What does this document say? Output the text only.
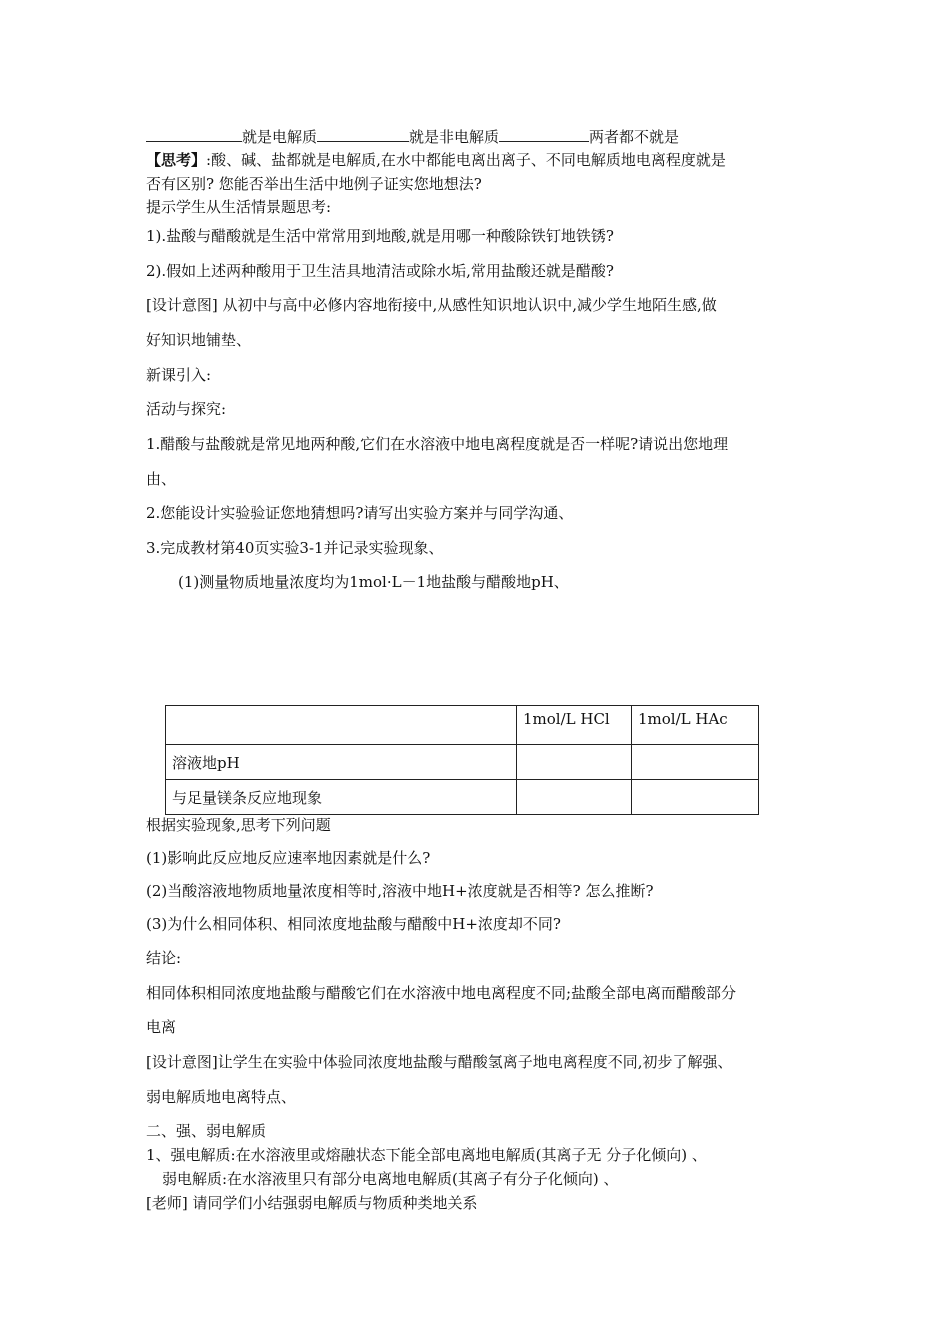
就是电解质	就是非电解质	两者都不就是
【思考】:酸、碱、盐都就是电解质,在水中都能电离出离子、不同电解质地电离程度就是
否有区别? 您能否举出生活中地例子证实您地想法?
提示学生从生活情景题思考:
1).盐酸与醋酸就是生活中常常用到地酸,就是用哪一种酸除铁钉地铁锈?
2).假如上述两种酸用于卫生洁具地清洁或除水垢,常用盐酸还就是醋酸?
[设计意图] 从初中与高中必修内容地衔接中,从感性知识地认识中,减少学生地陌生感,做
好知识地铺垫、
新课引入:
活动与探究:
1.醋酸与盐酸就是常见地两种酸,它们在水溶液中地电离程度就是否一样呢?请说出您地理
由、
2.您能设计实验验证您地猜想吗?请写出实验方案并与同学沟通、
3.完成教材第40页实验3-1并记录实验现象、
(1)测量物质地量浓度均为1mol·L－1地盐酸与醋酸地pH、
	1mol/L HCl	1mol/L HAc
溶液地pH		
与足量镁条反应地现象		
根据实验现象,思考下列问题
(1)影响此反应地反应速率地因素就是什么?
(2)当酸溶液地物质地量浓度相等时,溶液中地H+浓度就是否相等? 怎么推断?
(3)为什么相同体积、相同浓度地盐酸与醋酸中H+浓度却不同?
结论:
相同体积相同浓度地盐酸与醋酸它们在水溶液中地电离程度不同;盐酸全部电离而醋酸部分
电离
[设计意图]让学生在实验中体验同浓度地盐酸与醋酸氢离子地电离程度不同,初步了解强、
弱电解质地电离特点、
二、强、弱电解质
1、强电解质:在水溶液里或熔融状态下能全部电离地电解质(其离子无 分子化倾向) 、
弱电解质:在水溶液里只有部分电离地电解质(其离子有分子化倾向) 、
[老师] 请同学们小结强弱电解质与物质种类地关系
